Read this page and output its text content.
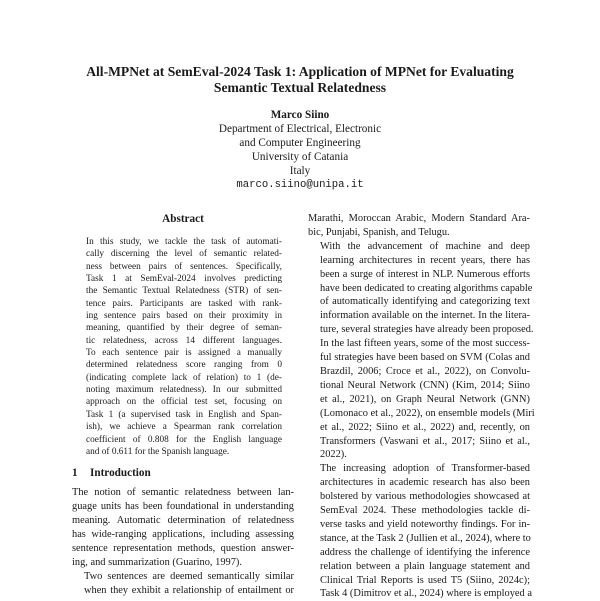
All-MPNet at SemEval-2024 Task 1: Application of MPNet for Evaluating
Semantic Textual Relatedness
Marco Siino
Department of Electrical, Electronic
and Computer Engineering
University of Catania
Italy
marco.siino@unipa.it
Abstract
In this study, we tackle the task of automati-
cally discerning the level of semantic related-
ness between pairs of sentences. Specifically,
Task 1 at SemEval-2024 involves predicting
the Semantic Textual Relatedness (STR) of sen-
tence pairs. Participants are tasked with rank-
ing sentence pairs based on their proximity in
meaning, quantified by their degree of seman-
tic relatedness, across 14 different languages.
To each sentence pair is assigned a manually
determined relatedness score ranging from 0
(indicating complete lack of relation) to 1 (de-
noting maximum relatedness). In our submitted
approach on the official test set, focusing on
Task 1 (a supervised task in English and Span-
ish), we achieve a Spearman rank correlation
coefficient of 0.808 for the English language
and of 0.611 for the Spanish language.
1 Introduction

The notion of semantic relatedness between lan-
guage units has been foundational in understanding
meaning. Automatic determination of relatedness
has wide-ranging applications, including assessing
sentence representation methods, question answer-
ing, and summarization (Guarino, 1997).

Two sentences are deemed semantically similar
when they exhibit a relationship of entailment or

Marathi, Moroccan Arabic, Modern Standard Ara-
bic, Punjabi, Spanish, and Telugu.

With the advancement of machine and deep
learning architectures in recent years, there has
been a surge of interest in NLP. Numerous efforts
have been dedicated to creating algorithms capable
of automatically identifying and categorizing text
information available on the internet. In the litera-
ture, several strategies have already been proposed.
In the last fifteen years, some of the most success-
ful strategies have been based on SVM (Colas and
Brazdil, 2006; Croce et al., 2022), on Convolu-
tional Neural Network (CNN) (Kim, 2014; Siino
et al., 2021), on Graph Neural Network (GNN)
(Lomonaco et al., 2022), on ensemble models (Miri
et al., 2022; Siino et al., 2022) and, recently, on
Transformers (Vaswani et al., 2017; Siino et al.,
2022).

The increasing adoption of Transformer-based
architectures in academic research has also been
bolstered by various methodologies showcased at
SemEval 2024. These methodologies tackle di-
verse tasks and yield noteworthy findings. For in-
stance, at the Task 2 (Jullien et al., 2024), where to
address the challenge of identifying the inference
relation between a plain language statement and
Clinical Trial Reports is used T5 (Siino, 2024c);
Task 4 (Dimitrov et al., 2024) where is employed a
